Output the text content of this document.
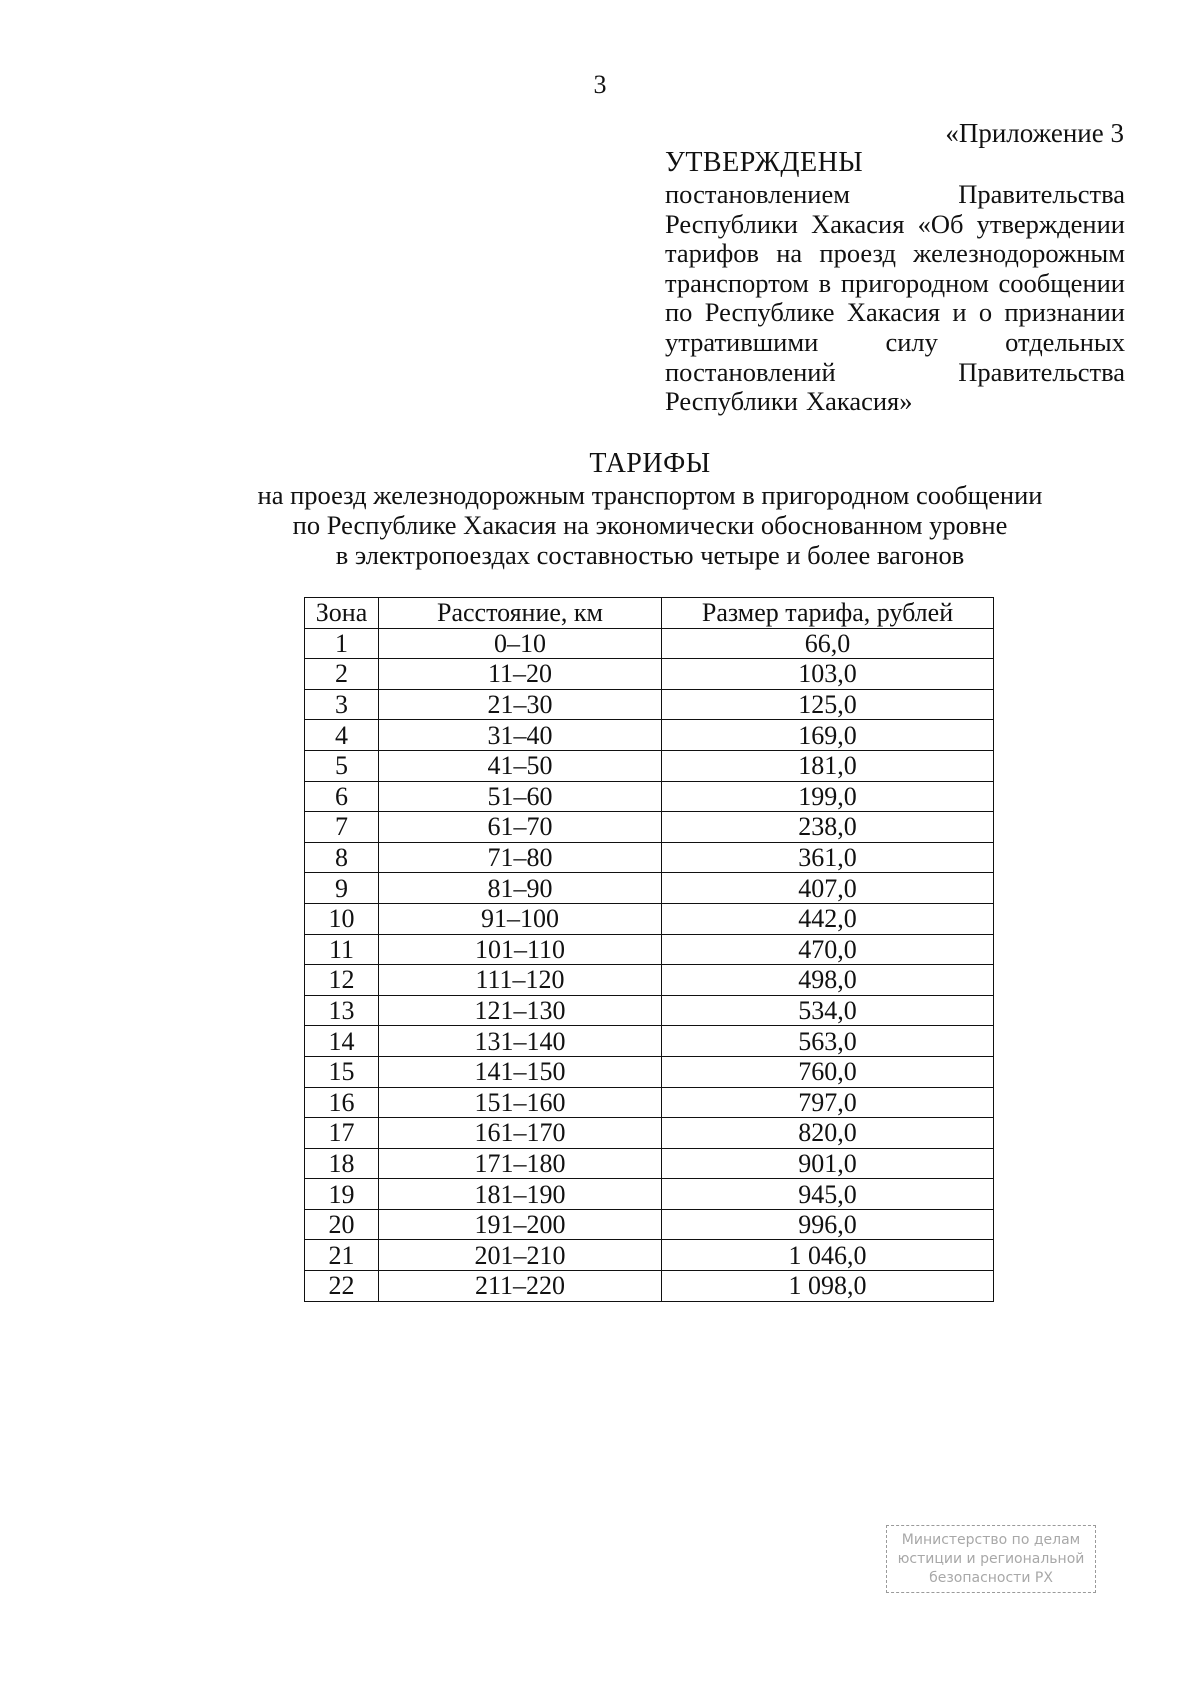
3
«Приложение 3
УТВЕРЖДЕНЫ
постановлением	Правительства
Республики Хакасия «Об утверждении
тарифов на проезд железнодорожным
транспортом в пригородном сообщении
по Республике Хакасия и о признании
утратившими	силу	отдельных
постановлений	Правительства
Республики Хакасия»
ТАРИФЫ
на проезд железнодорожным транспортом в пригородном сообщении
по Республике Хакасия на экономически обоснованном уровне
в электропоездах составностью четыре и более вагонов
Зона	Расстояние, км	Размер тарифа, рублей
1	0–10	66,0
2	11–20	103,0
3	21–30	125,0
4	31–40	169,0
5	41–50	181,0
6	51–60	199,0
7	61–70	238,0
8	71–80	361,0
9	81–90	407,0
10	91–100	442,0
11	101–110	470,0
12	111–120	498,0
13	121–130	534,0
14	131–140	563,0
15	141–150	760,0
16	151–160	797,0
17	161–170	820,0
18	171–180	901,0
19	181–190	945,0
20	191–200	996,0
21	201–210	1 046,0
22	211–220	1 098,0
Министерство по делам
юстиции и региональной
безопасности РХ
